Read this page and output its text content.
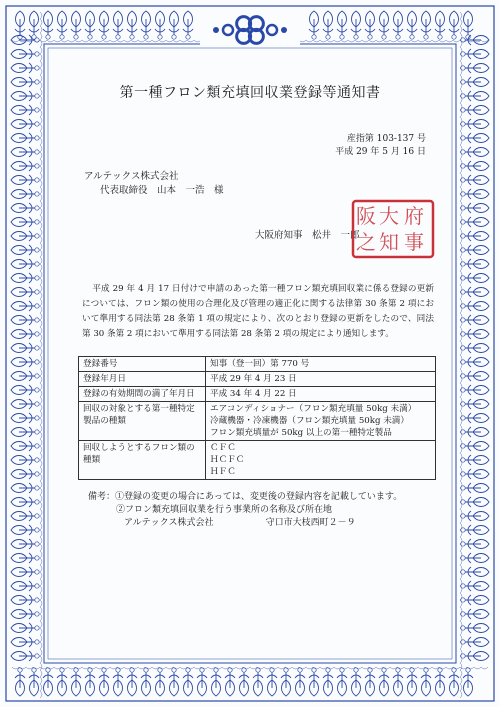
第一種フロン類充填回収業登録等通知書
産指第 103-137 号
平成 29 年 5 月 16 日
アルテックス株式会社
代表取締役　山本　一浩　様
大阪府知事　松井　一郎
府
大
阪
事
知
之
平成 29 年 4 月 17 日付けで申請のあった第一種フロン類充填回収業に係る登録の更新については、フロン類の使用の合理化及び管理の適正化に関する法律第 30 条第 2 項において準用する同法第 28 条第 1 項の規定により、次のとおり登録の更新をしたので、同法第 30 条第 2 項において準用する同法第 28 条第 2 項の規定により通知します。
登録番号	知事（登一回）第 770 号

登録年月日	平成 29 年 4 月 23 日

登録の有効期間の満了年月日	平成 34 年 4 月 22 日

回収の対象とする第一種特定製品の種類	エアコンディショナー（フロン類充填量 50kg 未満）
冷蔵機器・冷凍機器（フロン類充填量 50kg 未満）
フロン類充填量が 50kg 以上の第一種特定製品

回収しようとするフロン類の種類	ＣＦＣ
ＨＣＦＣ
ＨＦＣ
備考：①登録の変更の場合にあっては、変更後の登録内容を記載しています。
②フロン類充填回収業を行う事業所の名称及び所在地
アルテックス株式会社	守口市大枝西町２－９
